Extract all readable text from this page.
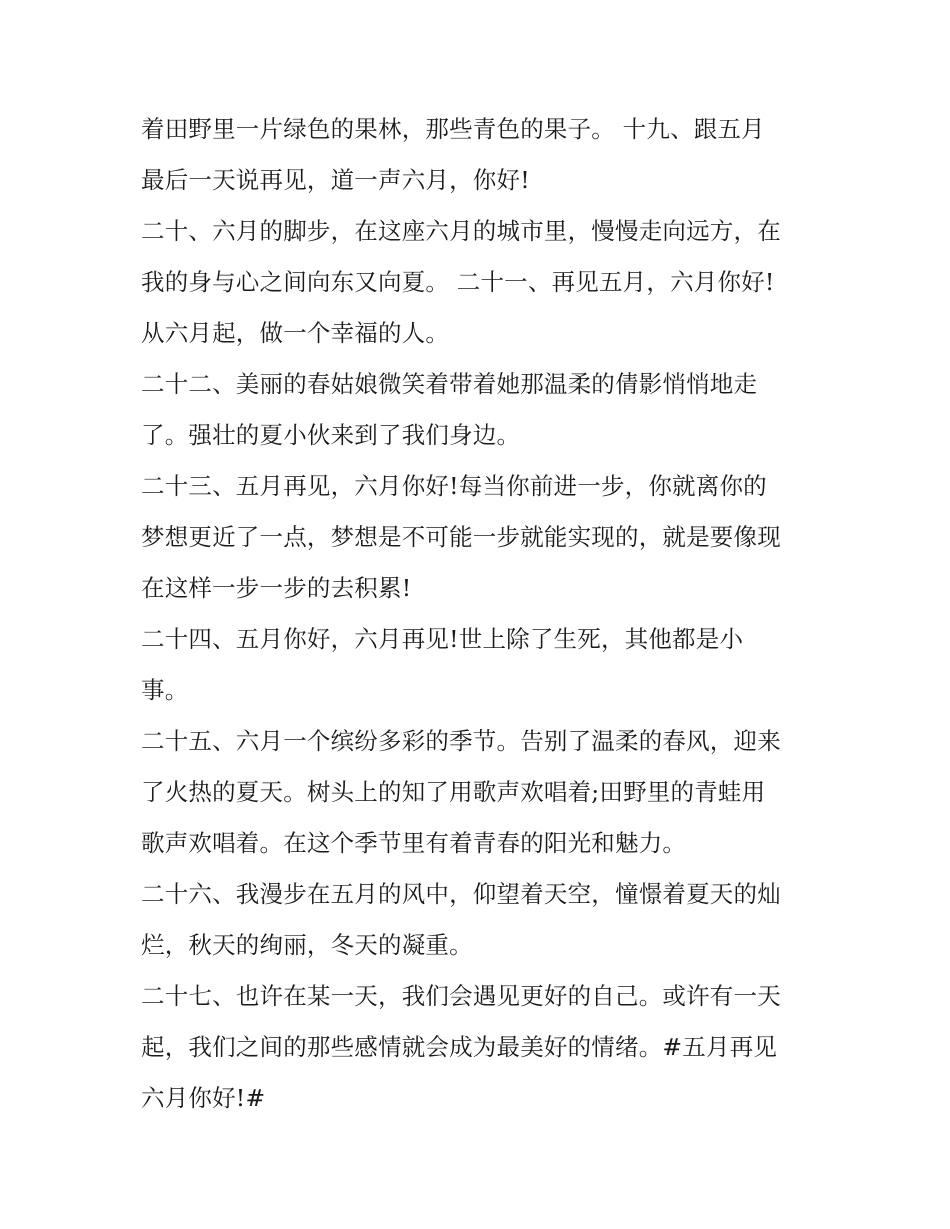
着田野里一片绿色的果林，那些青色的果子。 十九、跟五月
最后一天说再见，道一声六月，你好!
二十、六月的脚步，在这座六月的城市里，慢慢走向远方，在
我的身与心之间向东又向夏。 二十一、再见五月，六月你好!
从六月起，做一个幸福的人。
二十二、美丽的春姑娘微笑着带着她那温柔的倩影悄悄地走
了。强壮的夏小伙来到了我们身边。
二十三、五月再见，六月你好!每当你前进一步，你就离你的
梦想更近了一点，梦想是不可能一步就能实现的，就是要像现
在这样一步一步的去积累!
二十四、五月你好，六月再见!世上除了生死，其他都是小
事。
二十五、六月一个缤纷多彩的季节。告别了温柔的春风，迎来
了火热的夏天。树头上的知了用歌声欢唱着;田野里的青蛙用
歌声欢唱着。在这个季节里有着青春的阳光和魅力。
二十六、我漫步在五月的风中，仰望着天空，憧憬着夏天的灿
烂，秋天的绚丽，冬天的凝重。
二十七、也许在某一天，我们会遇见更好的自己。或许有一天
起，我们之间的那些感情就会成为最美好的情绪。#五月再见
六月你好!#
